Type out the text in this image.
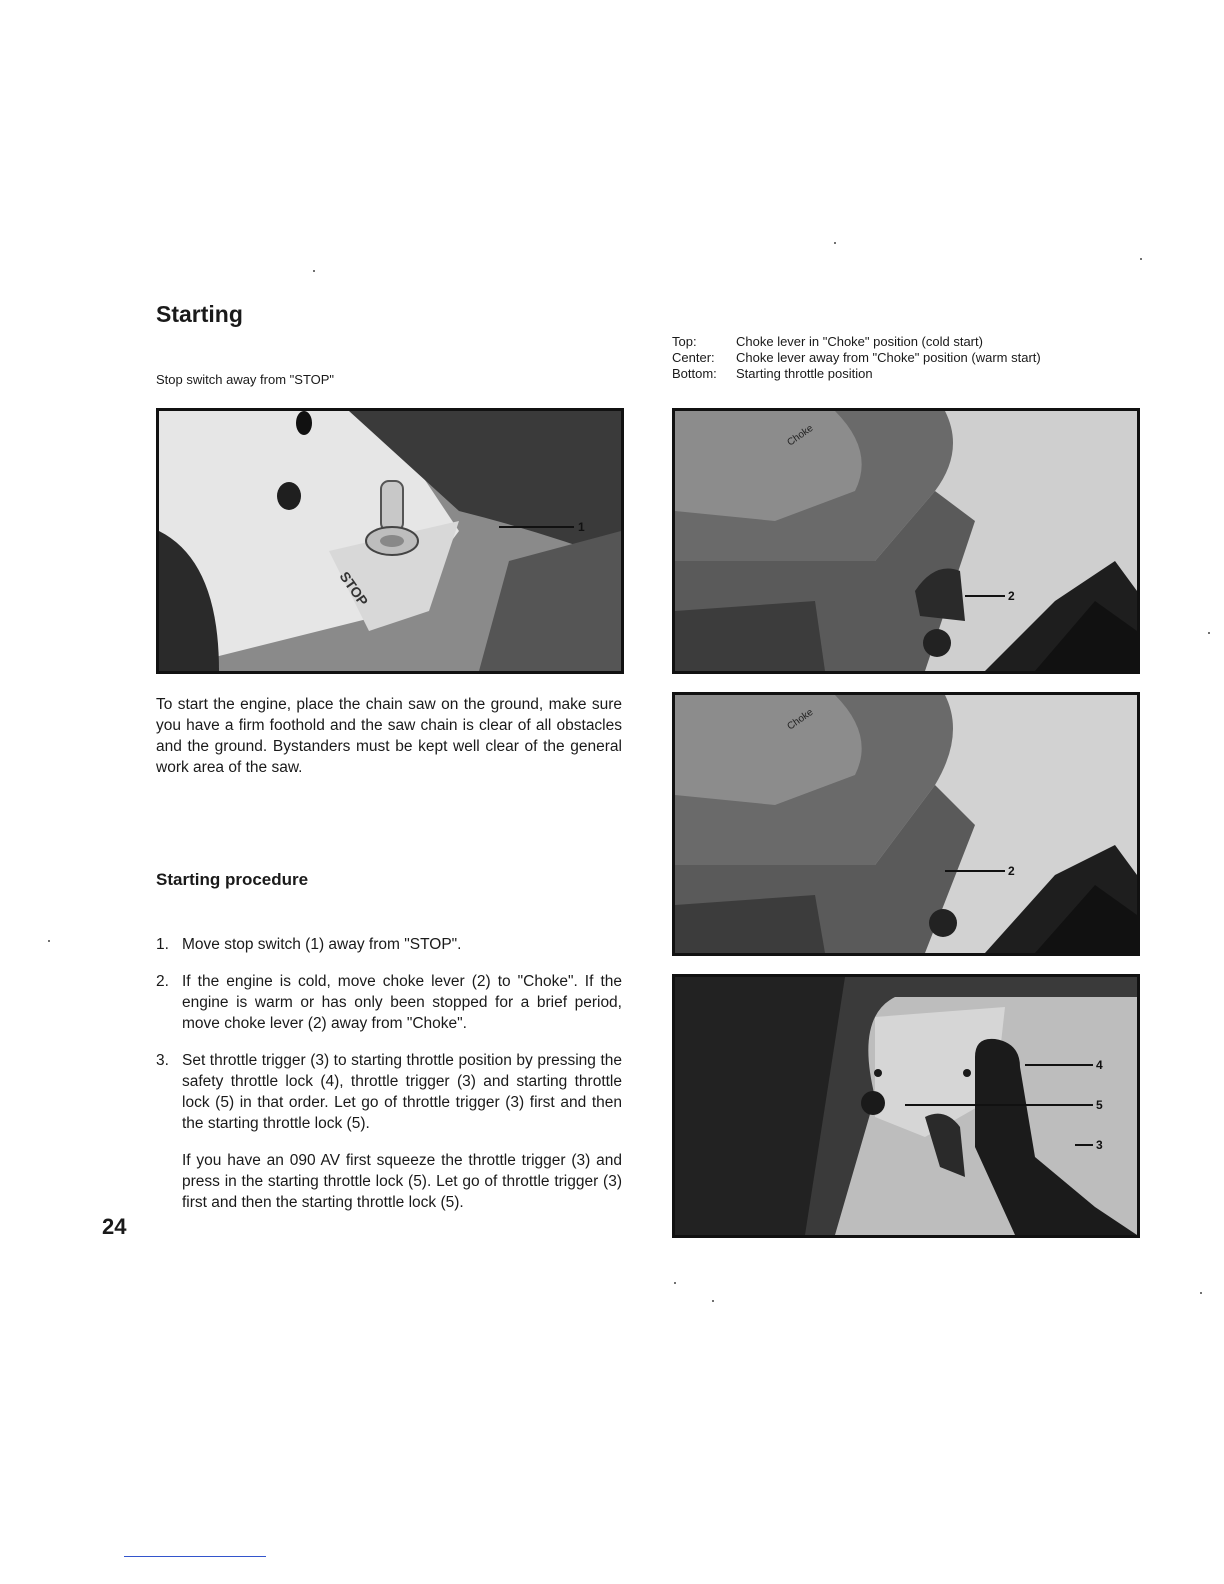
Starting
Stop switch away from "STOP"
STOP
1
To start the engine, place the chain saw on the ground, make sure you have a firm foothold and the saw chain is clear of all obstacles and the ground. Bystanders must be kept well clear of the general work area of the saw.
Starting procedure
1. Move stop switch (1) away from "STOP".
2. If the engine is cold, move choke lever (2) to "Choke". If the engine is warm or has only been stopped for a brief period, move choke lever (2) away from "Choke".
3. Set throttle trigger (3) to starting throttle position by pressing the safety throttle lock (4), throttle trigger (3) and starting throttle lock (5) in that order. Let go of throttle trigger (3) first and then the starting throttle lock (5).
If you have an 090 AV first squeeze the throttle trigger (3) and press in the starting throttle lock (5). Let go of throttle trigger (3) first and then the starting throttle lock (5).
24
Top:	Choke lever in "Choke" position (cold start)
Center:	Choke lever away from "Choke" position (warm start)
Bottom:	Starting throttle position
2
Choke
2
Choke
4
5
3
